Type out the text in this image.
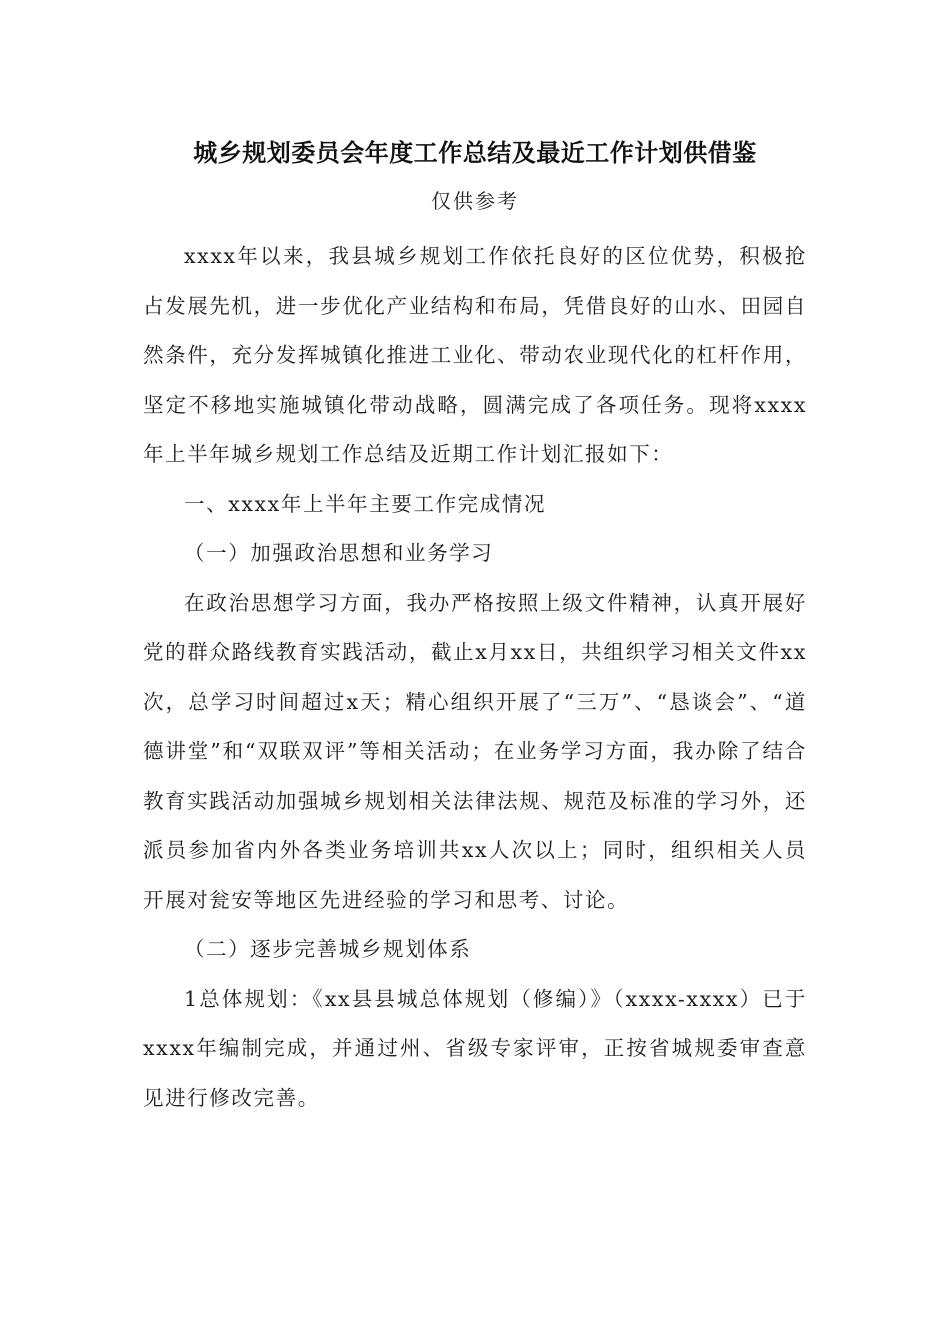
城乡规划委员会年度工作总结及最近工作计划供借鉴
仅供参考

xxxx年以来，我县城乡规划工作依托良好的区位优势，积极抢占发展先机，进一步优化产业结构和布局，凭借良好的山水、田园自然条件，充分发挥城镇化推进工业化、带动农业现代化的杠杆作用，坚定不移地实施城镇化带动战略，圆满完成了各项任务。现将xxxx年上半年城乡规划工作总结及近期工作计划汇报如下：

一、xxxx年上半年主要工作完成情况

（一）加强政治思想和业务学习

在政治思想学习方面，我办严格按照上级文件精神，认真开展好党的群众路线教育实践活动，截止x月xx日，共组织学习相关文件xx次，总学习时间超过x天；精心组织开展了“三万”、“恳谈会”、“道德讲堂”和“双联双评”等相关活动；在业务学习方面，我办除了结合教育实践活动加强城乡规划相关法律法规、规范及标准的学习外，还派员参加省内外各类业务培训共xx人次以上；同时，组织相关人员开展对瓮安等地区先进经验的学习和思考、讨论。

（二）逐步完善城乡规划体系

1总体规划：《xx县县城总体规划（修编）》（xxxx-xxxx）已于xxxx年编制完成，并通过州、省级专家评审，正按省城规委审查意见进行修改完善。
